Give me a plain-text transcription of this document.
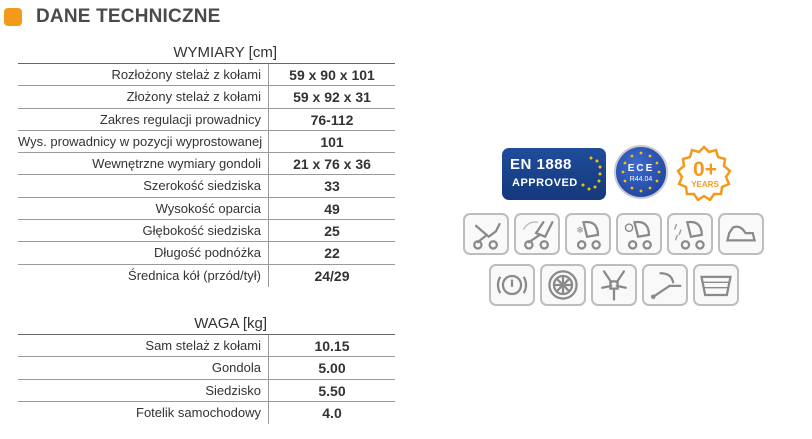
DANE TECHNICZNE
WYMIARY [cm]
Rozłożony stelaż z kołami	59 x 90 x 101
Złożony stelaż z kołami	59 x 92 x 31
Zakres regulacji prowadnicy	76-112
Wys. prowadnicy w pozycji wyprostowanej	101
Wewnętrzne wymiary gondoli	21 x 76 x 36
Szerokość siedziska	33
Wysokość oparcia	49
Głębokość siedziska	25
Długość podnóżka	22
Średnica kół (przód/tył)	24/29
WAGA [kg]
Sam stelaż z kołami	10.15
Gondola	5.00
Siedzisko	5.50
Fotelik samochodowy	4.0
EN 1888
APPROVED
ECE
R44.04	0+
YEARS
❄
